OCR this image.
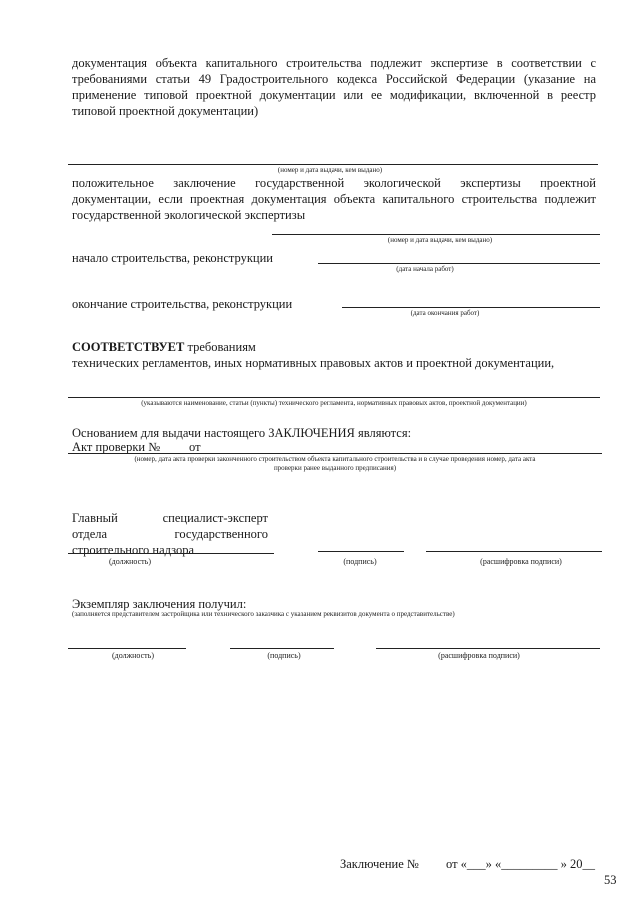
документация объекта капитального строительства подлежит экспертизе в соответствии с
требованиями статьи 49 Градостроительного кодекса Российской Федерации (указание на
применение типовой проектной документации или ее модификации, включенной в реестр
типовой проектной документации)
(номер и дата выдачи, кем выдано)
положительное заключение государственной экологической экспертизы проектной
документации, если проектная документация объекта капитального строительства подлежит
государственной экологической экспертизы
(номер и дата выдачи, кем выдано)
начало строительства, реконструкции
(дата начала работ)
окончание строительства, реконструкции
(дата окончания работ)
СООТВЕТСТВУЕТ требованиям
технических регламентов, иных нормативных правовых актов и проектной документации,
(указываются наименование, статьи (пункты) технического регламента, нормативных правовых актов, проектной документации)
Основанием для выдачи настоящего ЗАКЛЮЧЕНИЯ являются:
Акт проверки № от
(номер, дата акта проверки законченного строительством объекта капитального строительства и в случае проведения номер, дата акта
проверки ранее выданного предписания)
Главный	специалист-эксперт
отдела	государственного
строительного надзора
(должность)	(подпись)	(расшифровка подписи)
Экземпляр заключения получил:
(заполняется представителем застройщика или технического заказчика с указанием реквизитов документа о представительстве)
(должность)	(подпись)	(расшифровка подписи)
Заключение № от «___» «_________ » 20__
53
